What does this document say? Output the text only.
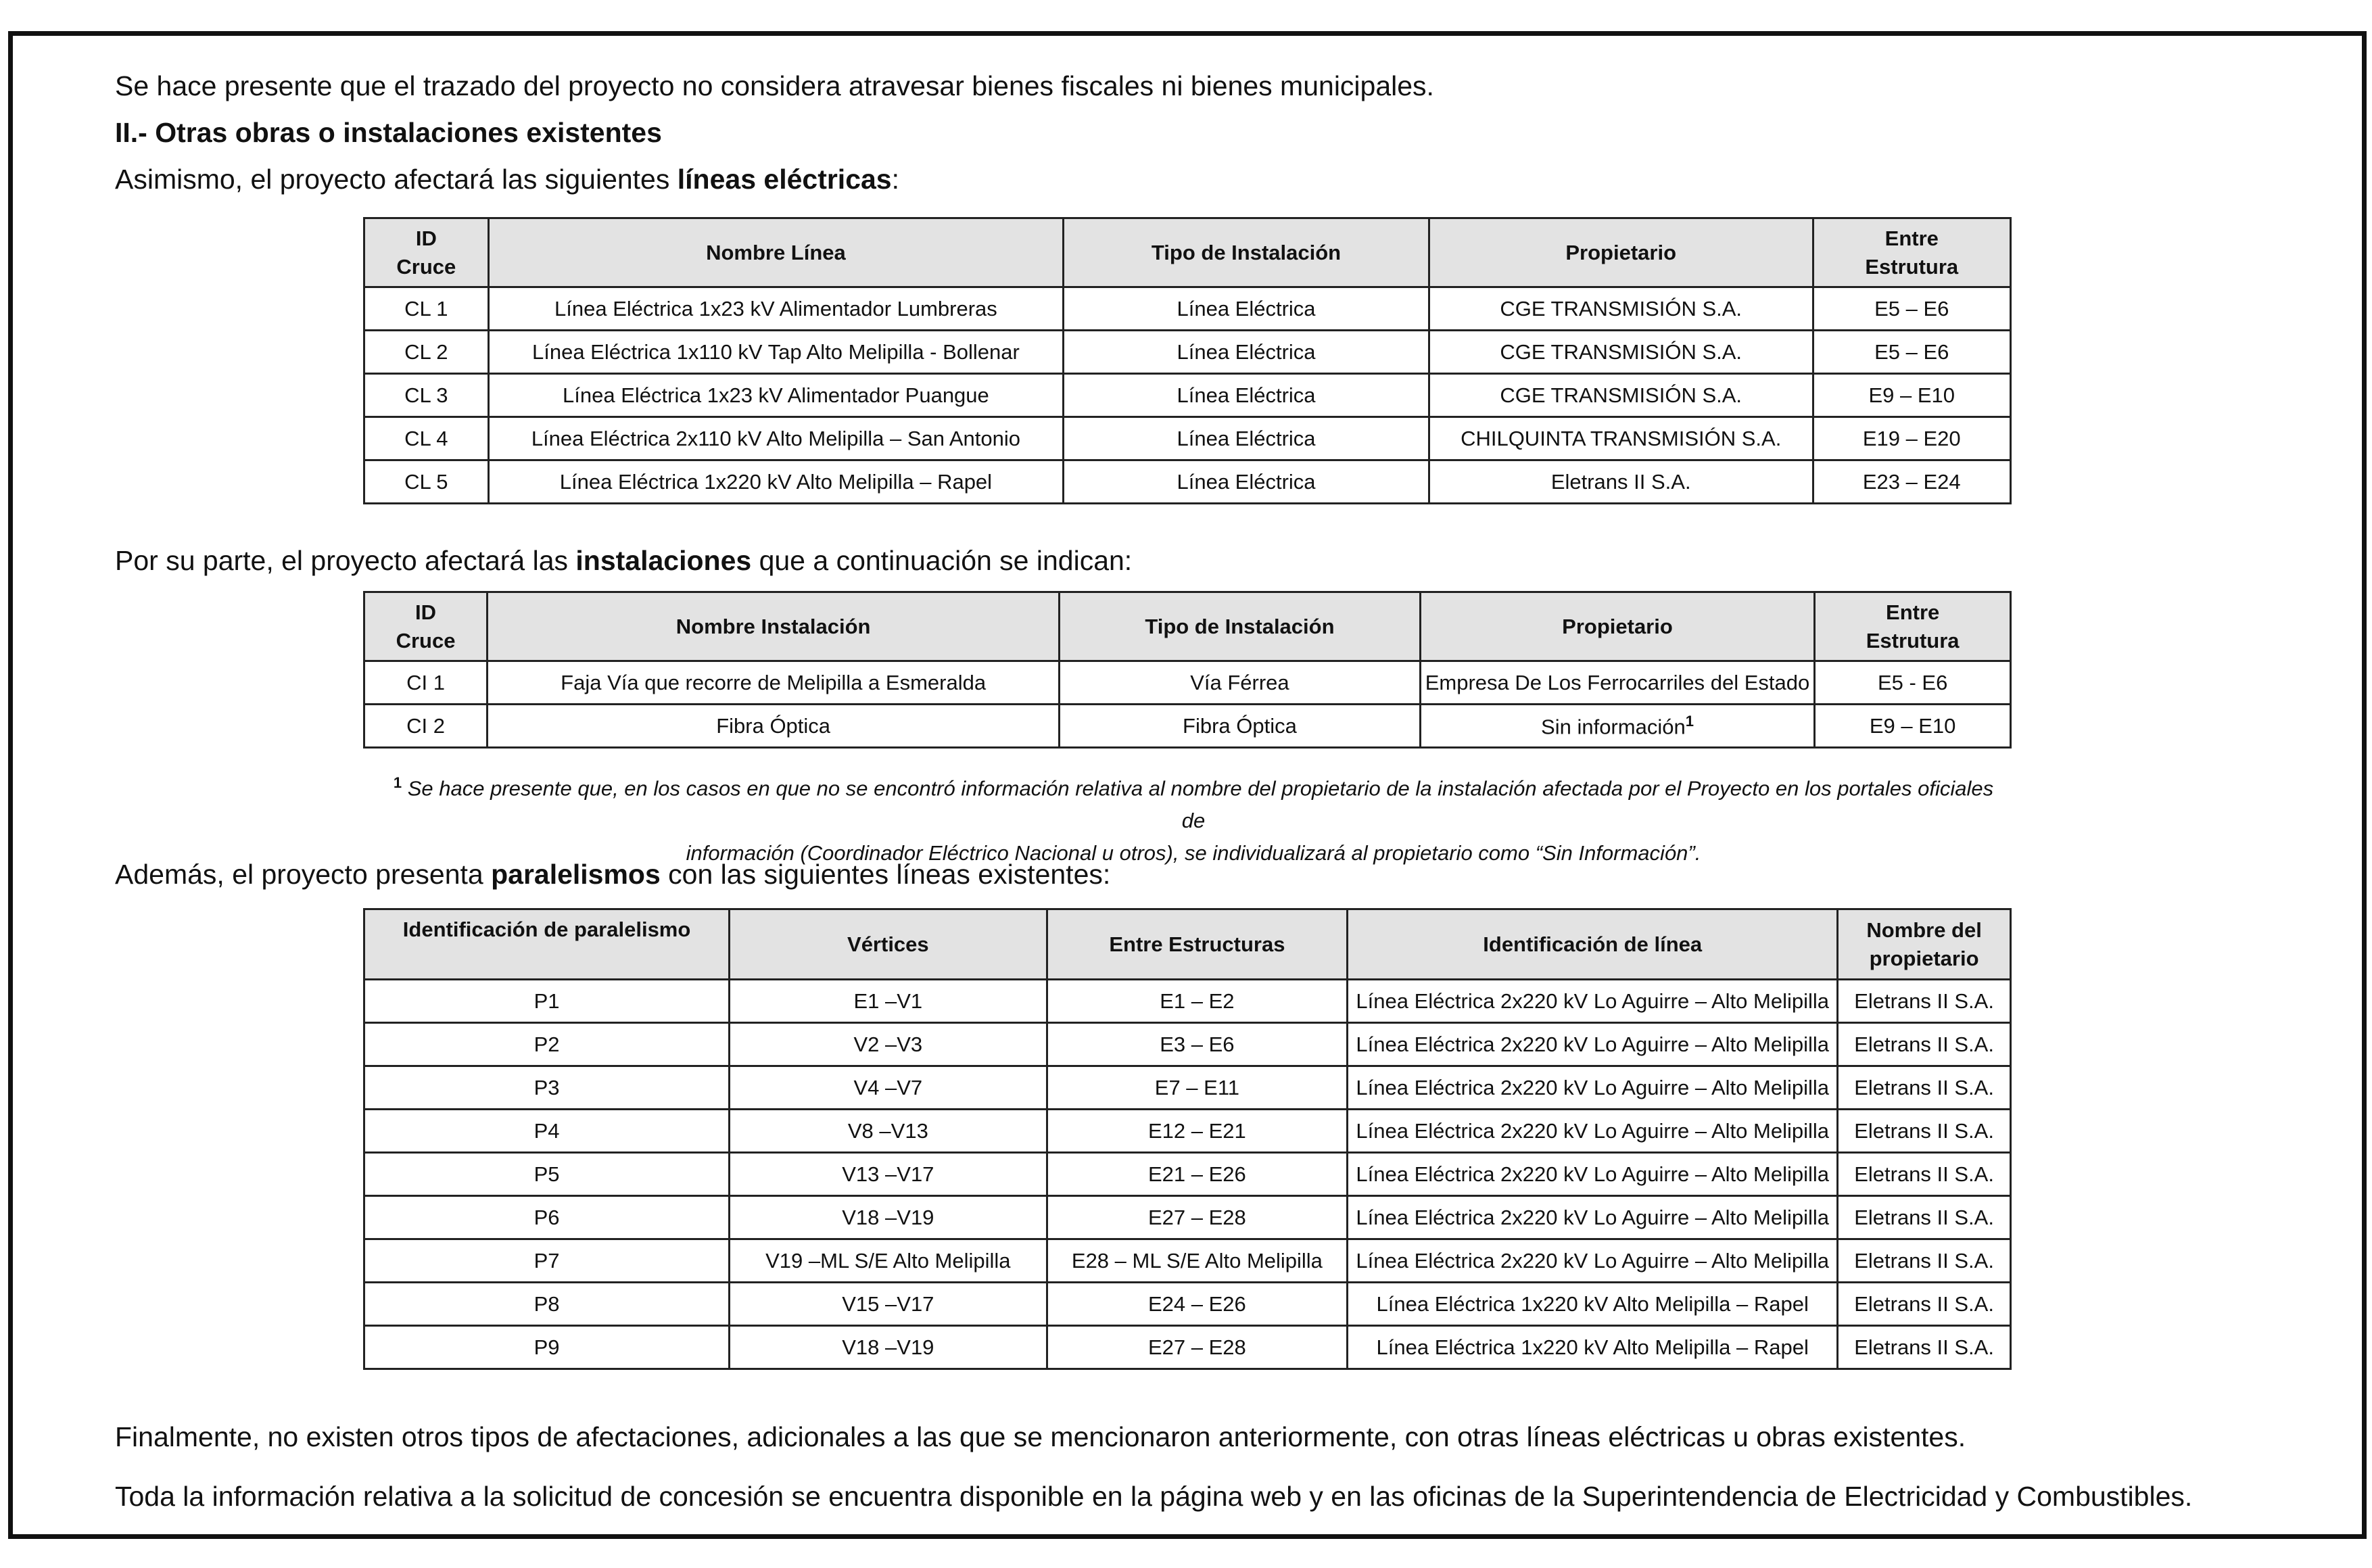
Se hace presente que el trazado del proyecto no considera atravesar bienes fiscales ni bienes municipales.
II.- Otras obras o instalaciones existentes
Asimismo, el proyecto afectará las siguientes líneas eléctricas:
ID
Cruce	Nombre Línea	Tipo de Instalación	Propietario	Entre
Estrutura
CL 1	Línea Eléctrica 1x23 kV Alimentador Lumbreras	Línea Eléctrica	CGE TRANSMISIÓN S.A.	E5 – E6
CL 2	Línea Eléctrica 1x110 kV Tap Alto Melipilla - Bollenar	Línea Eléctrica	CGE TRANSMISIÓN S.A.	E5 – E6
CL 3	Línea Eléctrica 1x23 kV Alimentador Puangue	Línea Eléctrica	CGE TRANSMISIÓN S.A.	E9 – E10
CL 4	Línea Eléctrica 2x110 kV Alto Melipilla – San Antonio	Línea Eléctrica	CHILQUINTA TRANSMISIÓN S.A.	E19 – E20
CL 5	Línea Eléctrica 1x220 kV Alto Melipilla – Rapel	Línea Eléctrica	Eletrans II S.A.	E23 – E24
Por su parte, el proyecto afectará las instalaciones que a continuación se indican:
ID
Cruce	Nombre Instalación	Tipo de Instalación	Propietario	Entre
Estrutura
CI 1	Faja Vía que recorre de Melipilla a Esmeralda	Vía Férrea	Empresa De Los Ferrocarriles del Estado	E5 - E6
CI 2	Fibra Óptica	Fibra Óptica	Sin información$^1$	E9 – E10
$^1$ Se hace presente que, en los casos en que no se encontró información relativa al nombre del propietario de la instalación afectada por el Proyecto en los portales oficiales de
información (Coordinador Eléctrico Nacional u otros), se individualizará al propietario como “Sin Información”.
Además, el proyecto presenta paralelismos con las siguientes líneas existentes:
Identificación de paralelismo	Vértices	Entre Estructuras	Identificación de línea	Nombre del
propietario
P1	E1 –V1	E1 – E2	Línea Eléctrica 2x220 kV Lo Aguirre – Alto Melipilla	Eletrans II S.A.
P2	V2 –V3	E3 – E6	Línea Eléctrica 2x220 kV Lo Aguirre – Alto Melipilla	Eletrans II S.A.
P3	V4 –V7	E7 – E11	Línea Eléctrica 2x220 kV Lo Aguirre – Alto Melipilla	Eletrans II S.A.
P4	V8 –V13	E12 – E21	Línea Eléctrica 2x220 kV Lo Aguirre – Alto Melipilla	Eletrans II S.A.
P5	V13 –V17	E21 – E26	Línea Eléctrica 2x220 kV Lo Aguirre – Alto Melipilla	Eletrans II S.A.
P6	V18 –V19	E27 – E28	Línea Eléctrica 2x220 kV Lo Aguirre – Alto Melipilla	Eletrans II S.A.
P7	V19 –ML S/E Alto Melipilla	E28 – ML S/E Alto Melipilla	Línea Eléctrica 2x220 kV Lo Aguirre – Alto Melipilla	Eletrans II S.A.
P8	V15 –V17	E24 – E26	Línea Eléctrica 1x220 kV Alto Melipilla – Rapel	Eletrans II S.A.
P9	V18 –V19	E27 – E28	Línea Eléctrica 1x220 kV Alto Melipilla – Rapel	Eletrans II S.A.
Finalmente, no existen otros tipos de afectaciones, adicionales a las que se mencionaron anteriormente, con otras líneas eléctricas u obras existentes.
Toda la información relativa a la solicitud de concesión se encuentra disponible en la página web y en las oficinas de la Superintendencia de Electricidad y Combustibles.
